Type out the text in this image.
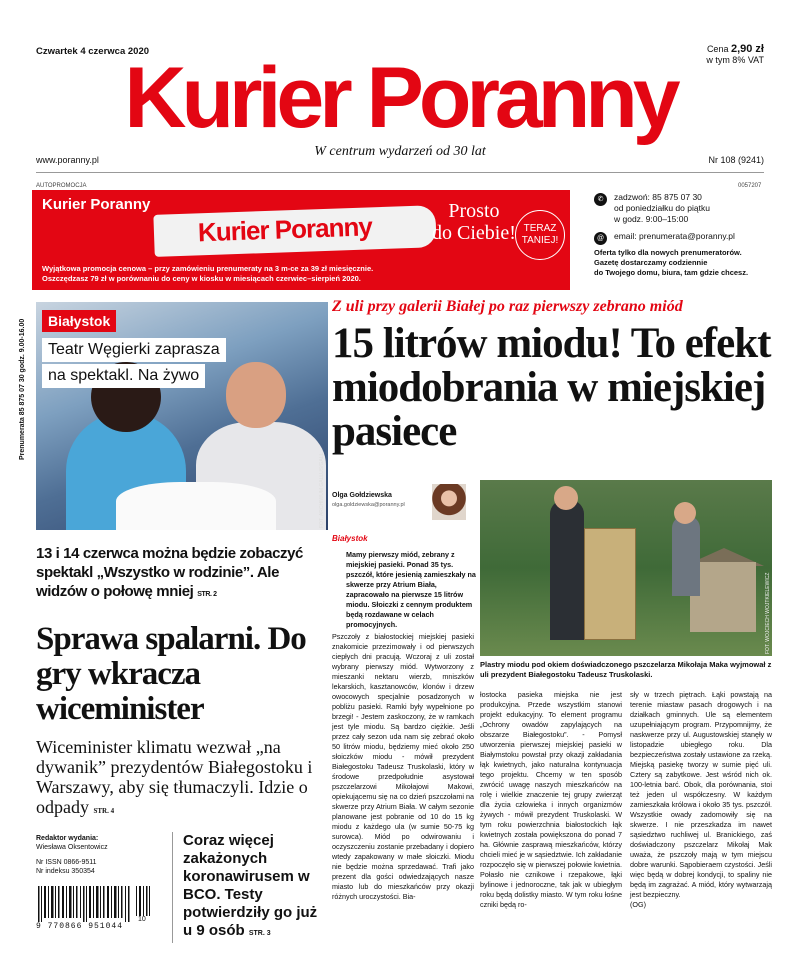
Czwartek 4 czerwca 2020	Cena 2,90 zł
w tym 8% VAT
Kurier Poranny
W centrum wydarzeń od 30 lat
www.poranny.pl	Nr 108 (9241)
AUTOPROMOCJA	0057207
Kurier Poranny
Kurier Poranny
Prosto
do Ciebie! TERAZ
TANIEJ!
Wyjątkowa promocja cenowa – przy zamówieniu prenumeraty na 3 m-ce za 39 zł miesięcznie.
Oszczędzasz 79 zł w porównaniu do ceny w kiosku w miesiącach czerwiec–sierpień 2020.
✆	zadzwoń: 85 875 07 30
od poniedziałku do piątku
w godz. 9:00–15:00
@	email: prenumerata@poranny.pl
Oferta tylko dla nowych prenumeratorów.
Gazetę dostarczamy codziennie
do Twojego domu, biura, tam gdzie chcesz.
Prenumerata 85 875 07 30 godz. 9.00-16.00	Białystok
Teatr Węgierki zaprasza
na spektakl. Na żywo
FOT. ARCHIWUM GALLUS/GALL
13 i 14 czerwca można będzie zobaczyć spektakl „Wszystko w rodzinie”. Ale widzów o połowę mniej STR. 2
Sprawa spalarni. Do gry wkracza wiceminister
Wiceminister klimatu wezwał „na dywanik” prezydentów Białegostoku i Warszawy, aby się tłumaczyli. Idzie o odpady STR. 4
Redaktor wydania:
Wiesława Oksentowicz
Nr ISSN 0866-9511
Nr indeksu 350354
9 770866 951044
10
Coraz więcej zakażonych koronawirusem w BCO. Testy potwierdziły go już u 9 osób STR. 3
Z uli przy galerii Białej po raz pierwszy zebrano miód
15 litrów miodu! To efekt miodobrania w miejskiej pasiece
Olga Gołdziewska
olga.goldziewska@poranny.pl
Białystok
Mamy pierwszy miód, zebrany z miejskiej pasieki. Ponad 35 tys. pszczół, które jesienią zamieszkały na skwerze przy Atrium Biała, zapracowało na pierwsze 15 litrów miodu. Słoiczki z cennym produktem będą rozdawane w celach promocyjnych.
Pszczoły z białostockiej miejskiej pasieki znakomicie przezimowały i od pierwszych ciepłych dni pracują. Wczoraj z uli został wybrany pierwszy miód. Wytworzony z mieszanki nektaru wierzb, mniszków lekarskich, kasztanowców, klonów i drzew owocowych specjalnie posadzonych w pobliżu pasieki. Ramki były wypełnione po brzegi! - Jestem zaskoczony, że w ramkach jest tyle miodu. Są bardzo ciężkie. Jeśli przez cały sezon uda nam się zebrać około 50 litrów miodu, będziemy mieć około 250 słoiczków miodu - mówił prezydent Białegostoku Tadeusz Truskolaski, który w środowe przedpołudnie asystował pszczelarzowi Mikołajowi Makowi, opiekującemu się na co dzień pszczołami na skwerze przy Atrium Biała. W całym sezonie planowane jest pobranie od 10 do 15 kg miodu z każdego ula (w sumie 50-75 kg surowca). Miód po odwirowaniu i oczyszczeniu zostanie przebadany i dopiero wtedy zapakowany w małe słoiczki. Miodu nie będzie można sprzedawać. Trafi jako prezent dla gości odwiedzających nasze miasto lub do mieszkańców przy okazji różnych uroczystości. Bia-
FOT. WOJCIECH WOJTKIELEWICZ
Plastry miodu pod okiem doświadczonego pszczelarza Mikołaja Maka wyjmował z uli prezydent Białegostoku Tadeusz Truskolaski.
łostocka pasieka miejska nie jest produkcyjna. Przede wszystkim stanowi projekt edukacyjny. To element programu „Ochrony owadów zapylających na obszarze Białegostoku”. - Pomysł utworzenia pierwszej miejskiej pasieki w Białymstoku powstał przy okazji zakładania łąk kwietnych, jako naturalna kontynuacja tego projektu. Chcemy w ten sposób zwrócić uwagę naszych mieszkańców na rolę i wielkie znaczenie tej grupy zwierząt dla życia człowieka i innych organizmów żywych - mówił prezydent Truskolaski. W tym roku powierzchnia białostockich łąk kwietnych została powiększona do ponad 7 ha. Głównie zasprawą mieszkańców, którzy chcieli mieć je w sąsiedztwie. Ich zakładanie rozpoczęło się w pierwszej połowie kwietnia. Połasło nie cznikowe i rzepakowe, łąki bylinowe i jednoroczne, tak jak w ubiegłym roku będą dolistky miasto. W tym roku łośne czniki będą ro-
sły w trzech piętrach. Łąki powstają na terenie miastaw pasach drogowych i na działkach gminnych. Ule są elementem uzupełniającym program. Przypomnijmy, że naskwerze przy ul. Augustowskiej stanęły w listopadzie ubiegłego roku. Dla bezpieczeństwa zostały ustawione za rzeką. Miejską pasiekę tworzy w sumie pięć uli. Cztery są zabytkowe. Jest wśród nich ok. 100-letnia barć. Obok, dla porównania, stoi też jeden ul współczesny. W każdym zamieszkała królowa i około 35 tys. pszczół. Wszystkie owady zadomowiły się na skwerze. I nie przeszkadza im nawet sąsiedztwo ruchliwej ul. Branickiego, zaś doświadczony pszczelarz Mikołaj Mak uważa, że pszczoły mają w tym miejscu dobre warunki. Sąpobieraem czystości. Jeśli więc będą w dobrej kondycji, to spaliny nie będą im zagrażać. A miód, który wytwarzają jest bezpieczny.
(OG)
